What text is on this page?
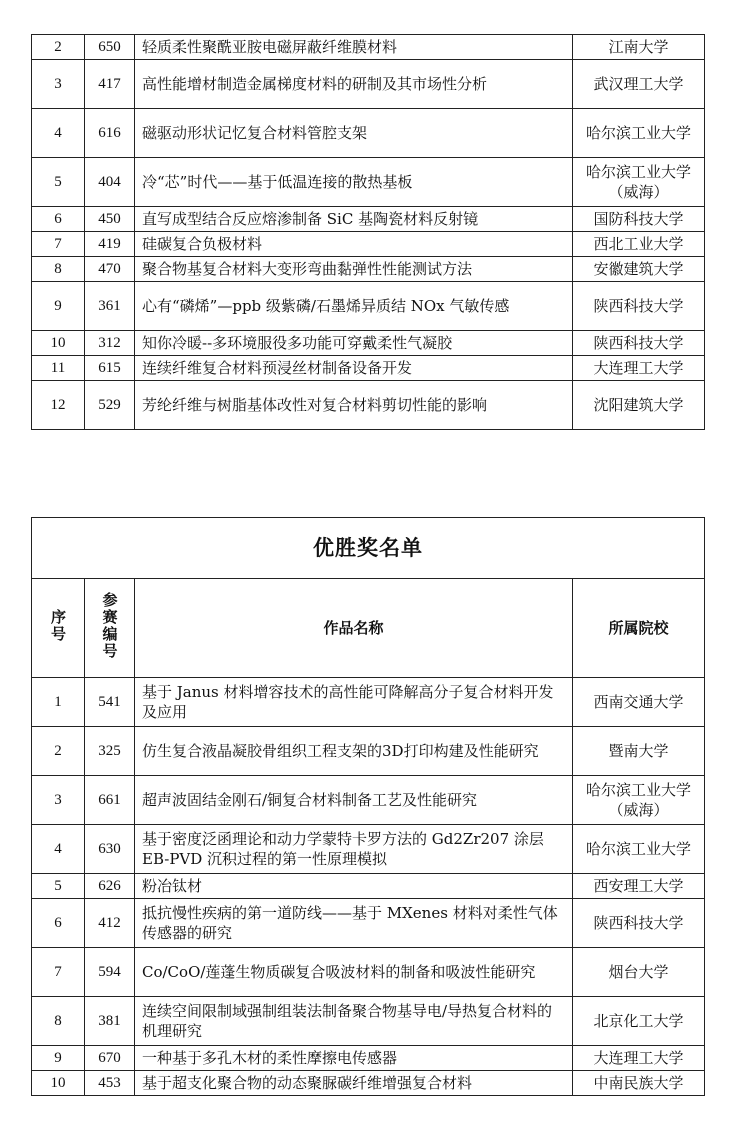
2	650	轻质柔性聚酰亚胺电磁屏蔽纤维膜材料	江南大学
3	417	高性能增材制造金属梯度材料的研制及其市场性分析	武汉理工大学
4	616	磁驱动形状记忆复合材料管腔支架	哈尔滨工业大学
5	404	冷“芯”时代——基于低温连接的散热基板	哈尔滨工业大学（威海）
6	450	直写成型结合反应熔渗制备 SiC 基陶瓷材料反射镜	国防科技大学
7	419	硅碳复合负极材料	西北工业大学
8	470	聚合物基复合材料大变形弯曲黏弹性性能测试方法	安徽建筑大学
9	361	心有“磷烯”—ppb 级紫磷/石墨烯异质结 NOx 气敏传感	陕西科技大学
10	312	知你冷暖--多环境服役多功能可穿戴柔性气凝胶	陕西科技大学
11	615	连续纤维复合材料预浸丝材制备设备开发	大连理工大学
12	529	芳纶纤维与树脂基体改性对复合材料剪切性能的影响	沈阳建筑大学
优胜奖名单			
序号	参赛编号	作品名称	所属院校
1	541	基于 Janus 材料增容技术的高性能可降解高分子复合材料开发及应用	西南交通大学
2	325	仿生复合液晶凝胶骨组织工程支架的3D打印构建及性能研究	暨南大学
3	661	超声波固结金刚石/铜复合材料制备工艺及性能研究	哈尔滨工业大学（威海）
4	630	基于密度泛函理论和动力学蒙特卡罗方法的 Gd2Zr207 涂层 EB-PVD 沉积过程的第一性原理模拟	哈尔滨工业大学
5	626	粉冶钛材	西安理工大学
6	412	抵抗慢性疾病的第一道防线——基于 MXenes 材料对柔性气体传感器的研究	陕西科技大学
7	594	Co/CoO/莲蓬生物质碳复合吸波材料的制备和吸波性能研究	烟台大学
8	381	连续空间限制域强制组装法制备聚合物基导电/导热复合材料的机理研究	北京化工大学
9	670	一种基于多孔木材的柔性摩擦电传感器	大连理工大学
10	453	基于超支化聚合物的动态聚脲碳纤维增强复合材料	中南民族大学
